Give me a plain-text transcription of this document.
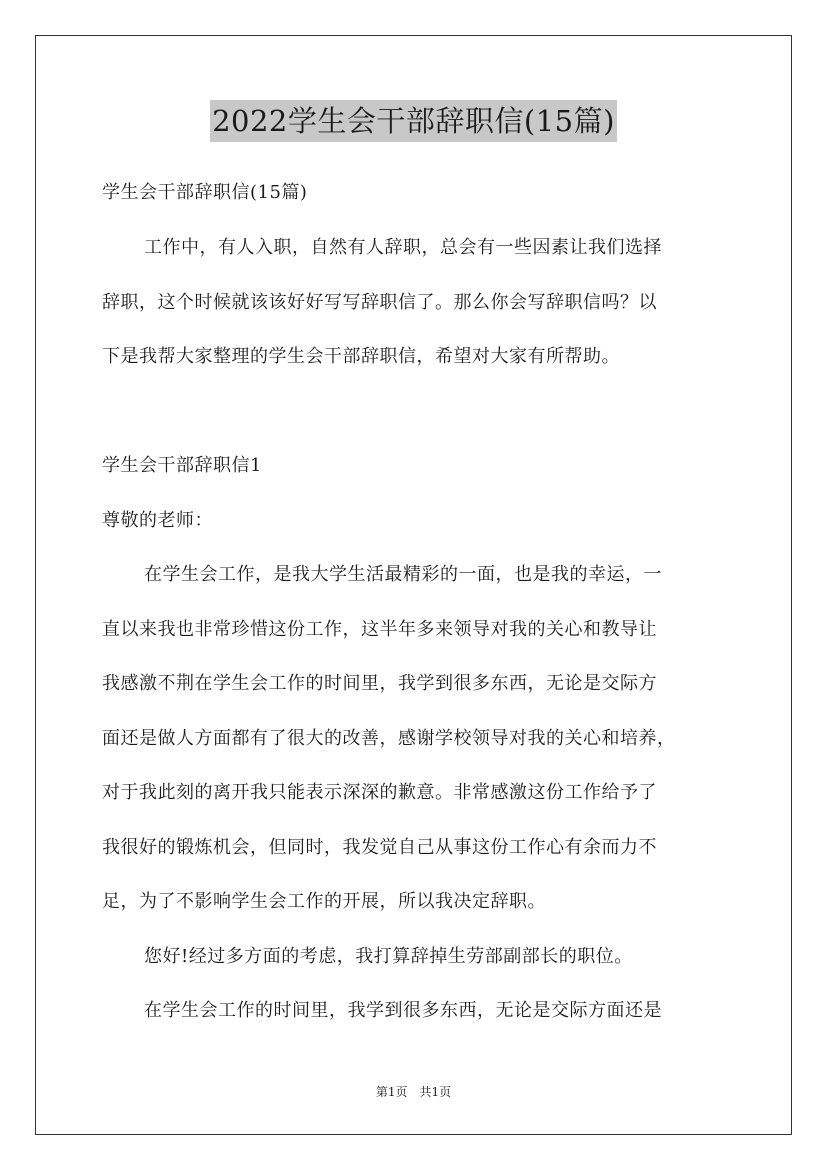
2022学生会干部辞职信(15篇)
学生会干部辞职信(15篇)
工作中，有人入职，自然有人辞职，总会有一些因素让我们选择
辞职，这个时候就该该好好写写辞职信了。那么你会写辞职信吗？以
下是我帮大家整理的学生会干部辞职信，希望对大家有所帮助。
学生会干部辞职信1
尊敬的老师：
在学生会工作，是我大学生活最精彩的一面，也是我的幸运，一
直以来我也非常珍惜这份工作，这半年多来领导对我的关心和教导让
我感激不荆在学生会工作的时间里，我学到很多东西，无论是交际方
面还是做人方面都有了很大的改善，感谢学校领导对我的关心和培养，
对于我此刻的离开我只能表示深深的歉意。非常感激这份工作给予了
我很好的锻炼机会，但同时，我发觉自己从事这份工作心有余而力不
足，为了不影响学生会工作的开展，所以我决定辞职。
您好!经过多方面的考虑，我打算辞掉生劳部副部长的职位。
在学生会工作的时间里，我学到很多东西，无论是交际方面还是
第1页　共1页
